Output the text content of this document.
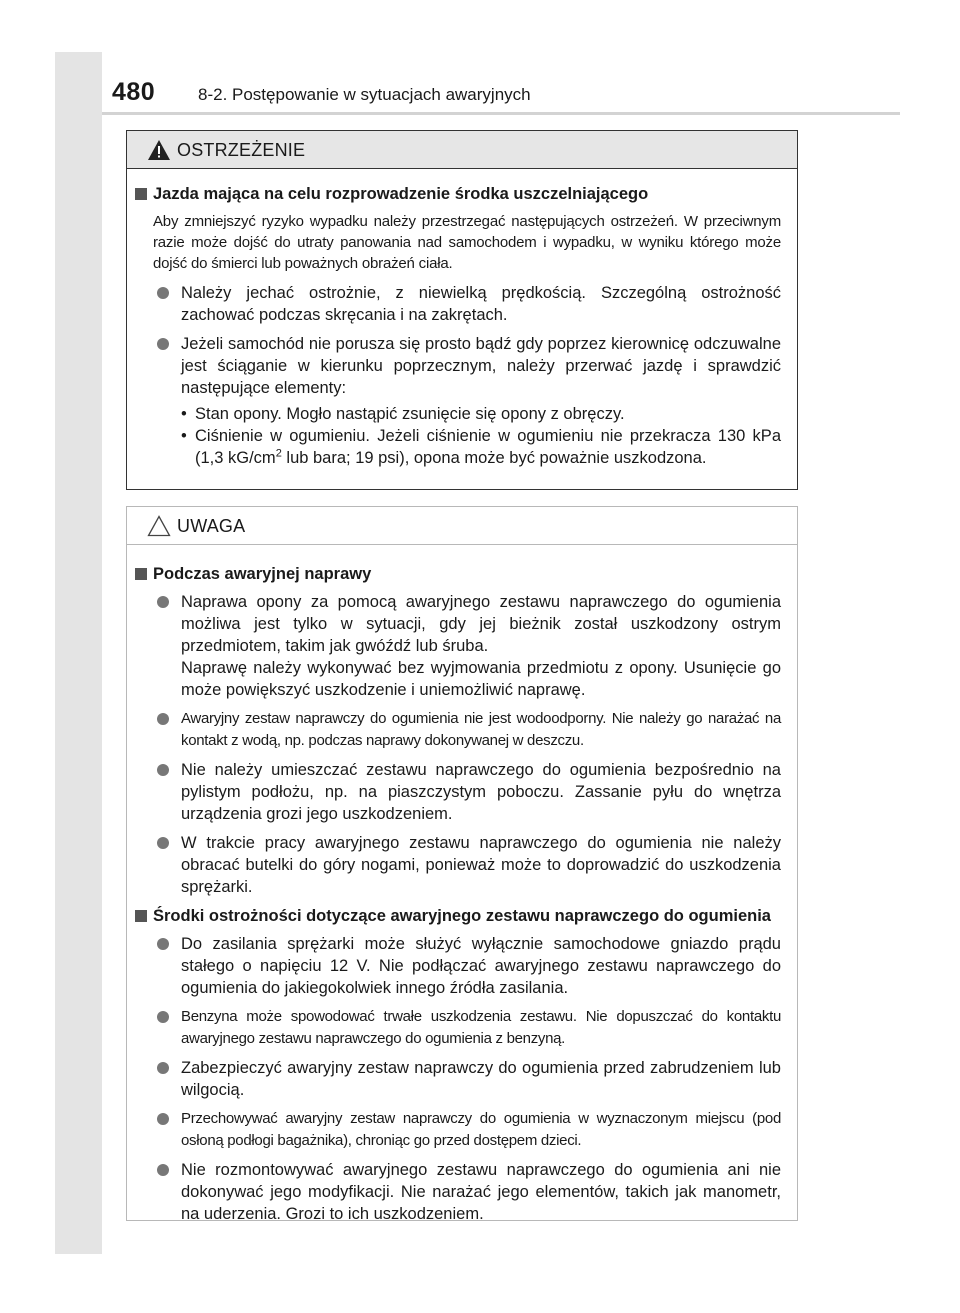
480	8-2. Postępowanie w sytuacjach awaryjnych
OSTRZEŻENIE
Jazda mająca na celu rozprowadzenie środka uszczelniającego
Aby zmniejszyć ryzyko wypadku należy przestrzegać następujących ostrzeżeń. W przeciwnym razie może dojść do utraty panowania nad samochodem i wypadku, w wyniku którego może dojść do śmierci lub poważnych obrażeń ciała.
Należy jechać ostrożnie, z niewielką prędkością. Szczególną ostrożność zachować podczas skręcania i na zakrętach.
Jeżeli samochód nie porusza się prosto bądź gdy poprzez kierownicę odczuwalne jest ściąganie w kierunku poprzecznym, należy przerwać jazdę i sprawdzić następujące elementy:
• Stan opony. Mogło nastąpić zsunięcie się opony z obręczy.
• Ciśnienie w ogumieniu. Jeżeli ciśnienie w ogumieniu nie przekracza 130 kPa (1,3 $kG/cm^2$ lub bara; 19 psi), opona może być poważnie uszkodzona.
UWAGA
Podczas awaryjnej naprawy
Naprawa opony za pomocą awaryjnego zestawu naprawczego do ogumienia możliwa jest tylko w sytuacji, gdy jej bieżnik został uszkodzony ostrym przedmiotem, takim jak gwóźdź lub śruba.
Naprawę należy wykonywać bez wyjmowania przedmiotu z opony. Usunięcie go może powiększyć uszkodzenie i uniemożliwić naprawę.
Awaryjny zestaw naprawczy do ogumienia nie jest wodoodporny. Nie należy go narażać na kontakt z wodą, np. podczas naprawy dokonywanej w deszczu.
Nie należy umieszczać zestawu naprawczego do ogumienia bezpośrednio na pylistym podłożu, np. na piaszczystym poboczu. Zassanie pyłu do wnętrza urządzenia grozi jego uszkodzeniem.
W trakcie pracy awaryjnego zestawu naprawczego do ogumienia nie należy obracać butelki do góry nogami, ponieważ może to doprowadzić do uszkodzenia sprężarki.
Środki ostrożności dotyczące awaryjnego zestawu naprawczego do ogumienia
Do zasilania sprężarki może służyć wyłącznie samochodowe gniazdo prądu stałego o napięciu 12 V. Nie podłączać awaryjnego zestawu naprawczego do ogumienia do jakiegokolwiek innego źródła zasilania.
Benzyna może spowodować trwałe uszkodzenia zestawu. Nie dopuszczać do kontaktu awaryjnego zestawu naprawczego do ogumienia z benzyną.
Zabezpieczyć awaryjny zestaw naprawczy do ogumienia przed zabrudzeniem lub wilgocią.
Przechowywać awaryjny zestaw naprawczy do ogumienia w wyznaczonym miejscu (pod osłoną podłogi bagażnika), chroniąc go przed dostępem dzieci.
Nie rozmontowywać awaryjnego zestawu naprawczego do ogumienia ani nie dokonywać jego modyfikacji. Nie narażać jego elementów, takich jak manometr, na uderzenia. Grozi to ich uszkodzeniem.
